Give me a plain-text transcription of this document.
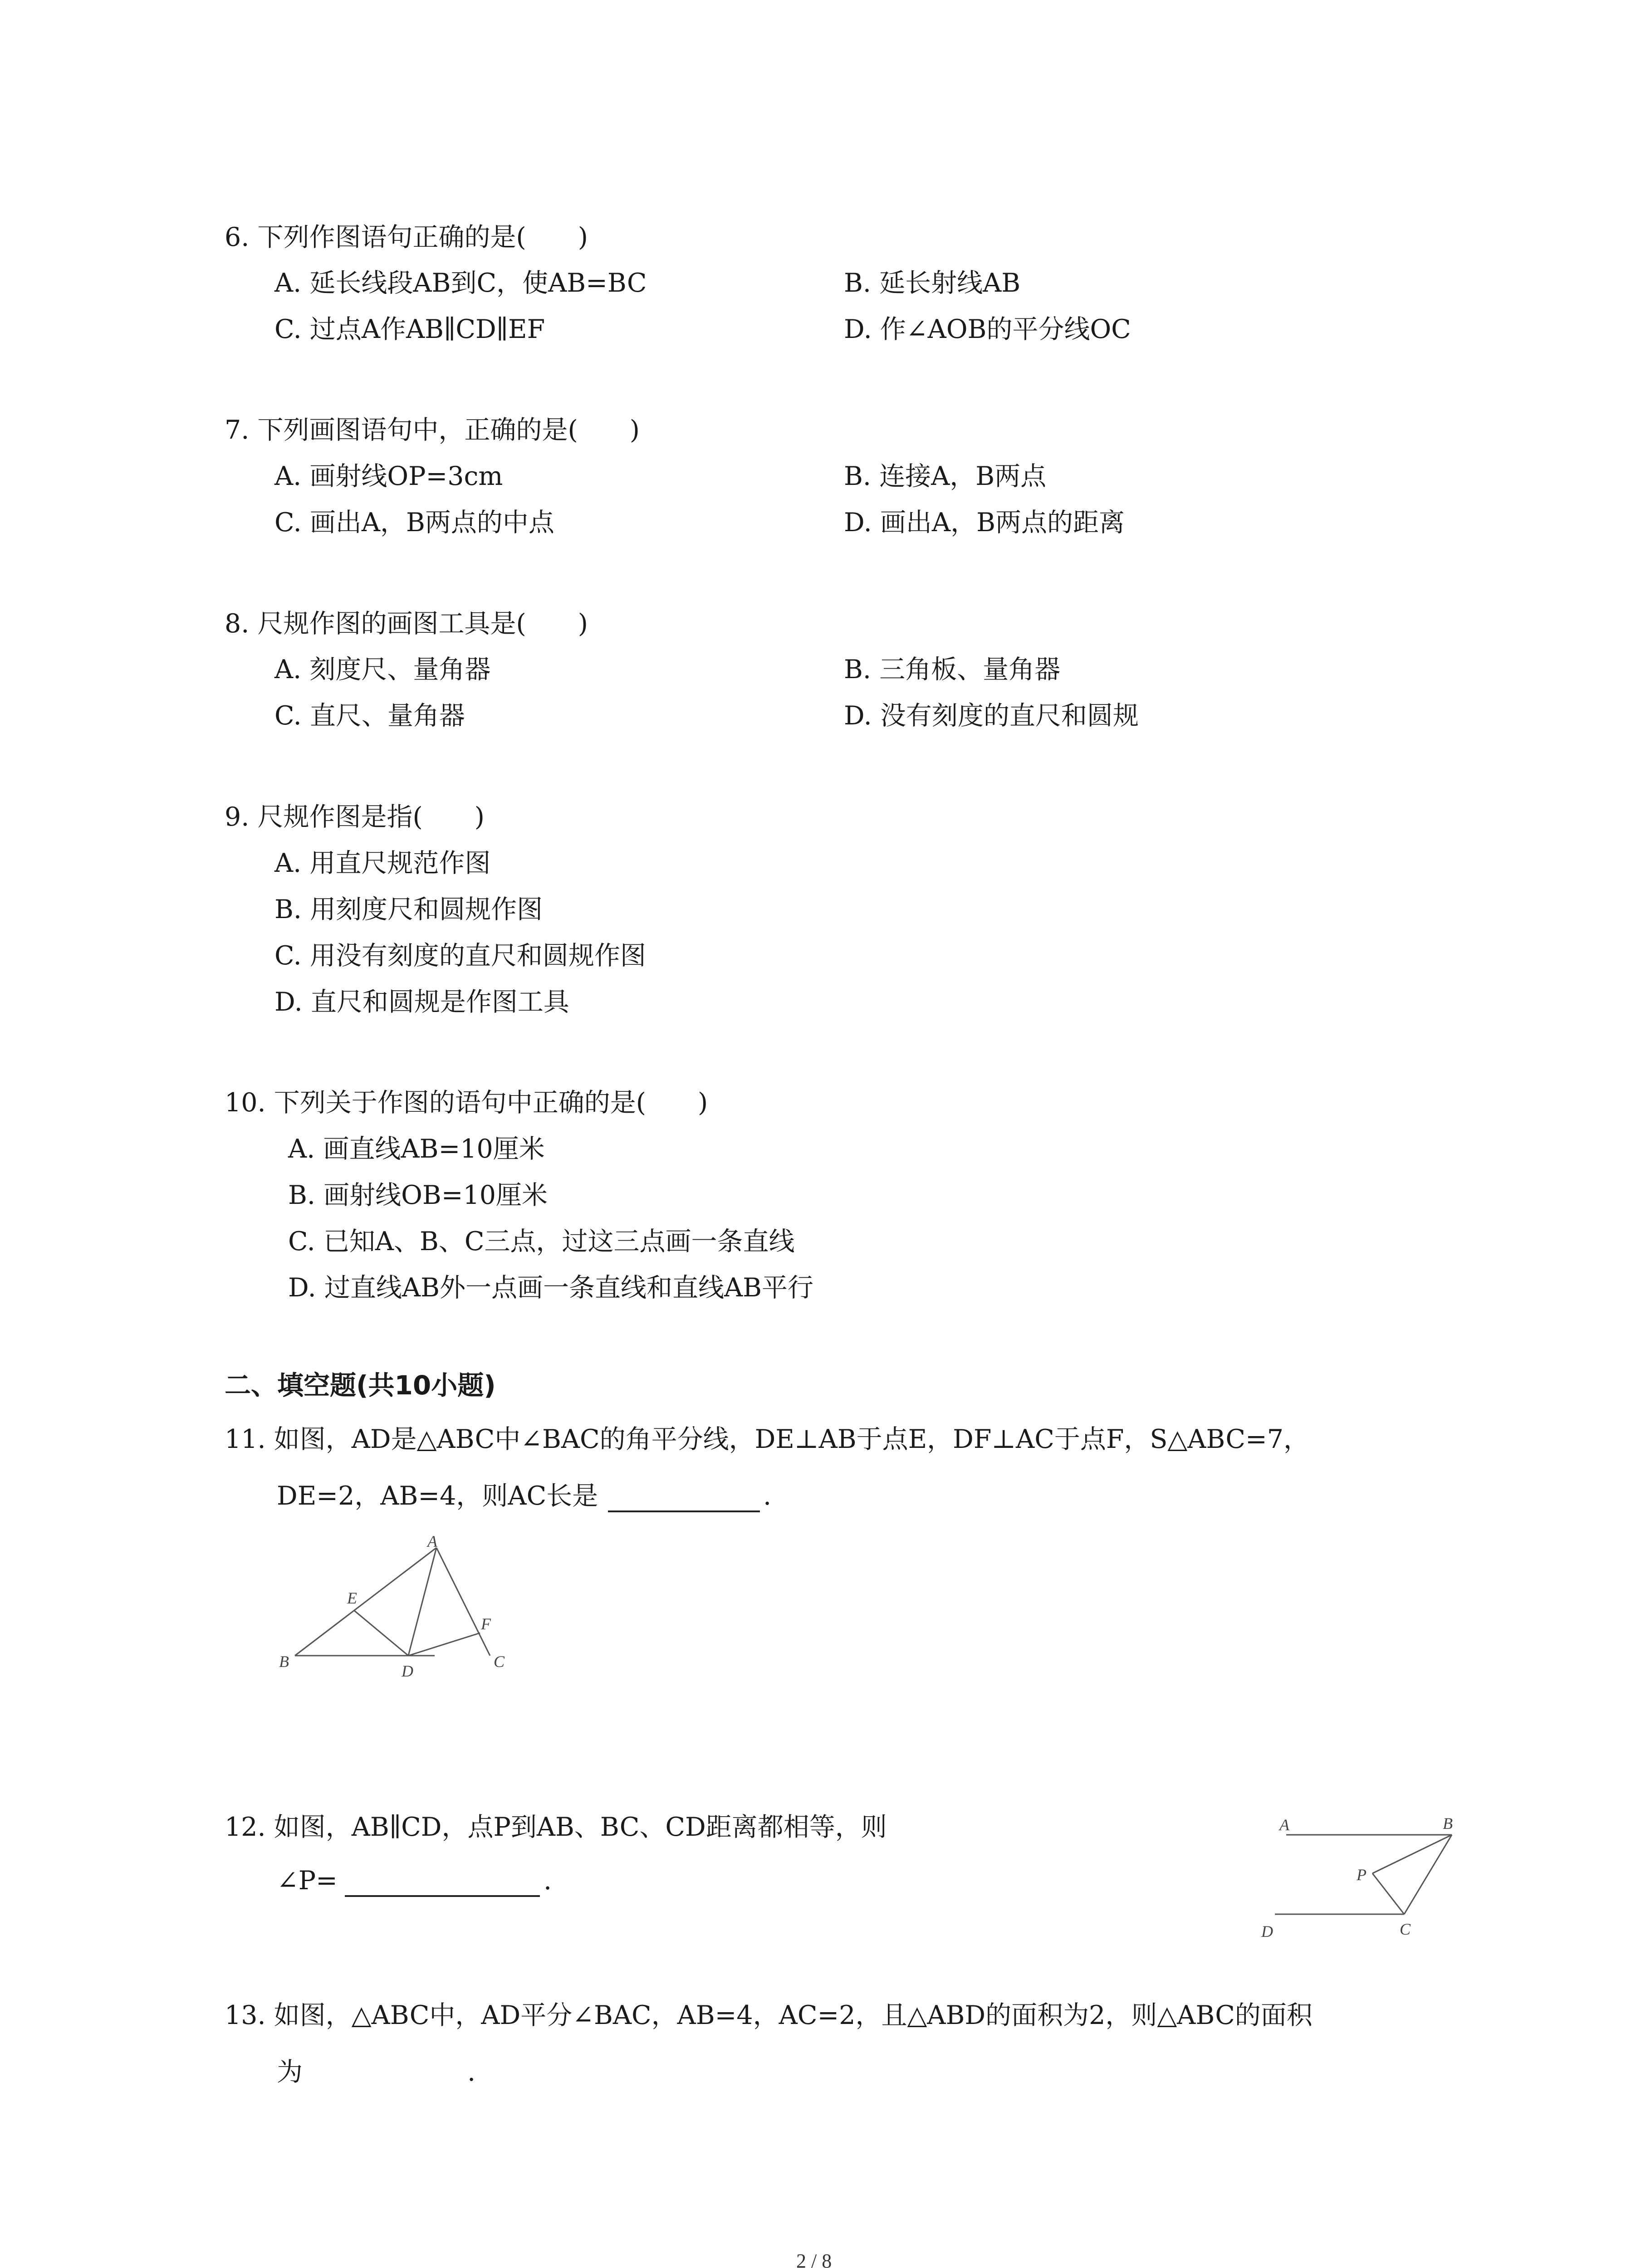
6. 下列作图语句正确的是(　　)
A. 延长线段AB到C，使AB=BC	B. 延长射线AB
C. 过点A作AB∥CD∥EF	D. 作∠AOB的平分线OC
7. 下列画图语句中，正确的是(　　)
A. 画射线OP=3cm	B. 连接A，B两点
C. 画出A，B两点的中点	D. 画出A，B两点的距离
8. 尺规作图的画图工具是(　　)
A. 刻度尺、量角器	B. 三角板、量角器
C. 直尺、量角器	D. 没有刻度的直尺和圆规
9. 尺规作图是指(　　)
A. 用直尺规范作图
B. 用刻度尺和圆规作图
C. 用没有刻度的直尺和圆规作图
D. 直尺和圆规是作图工具
10. 下列关于作图的语句中正确的是(　　)
A. 画直线AB=10厘米
B. 画射线OB=10厘米
C. 已知A、B、C三点，过这三点画一条直线
D. 过直线AB外一点画一条直线和直线AB平行
二、填空题(共10小题)
11. 如图，AD是△ABC中∠BAC的角平分线，DE⊥AB于点E，DF⊥AC于点F，S△ABC=7，
DE=2，AB=4，则AC长是	.
A
B	C
D
E
F
12. 如图，AB∥CD，点P到AB、BC、CD距离都相等，则
∠P=	.
A	B
C
D
P
13. 如图，△ABC中，AD平分∠BAC，AB=4，AC=2，且△ABD的面积为2，则△ABC的面积
为	.
2 / 8
